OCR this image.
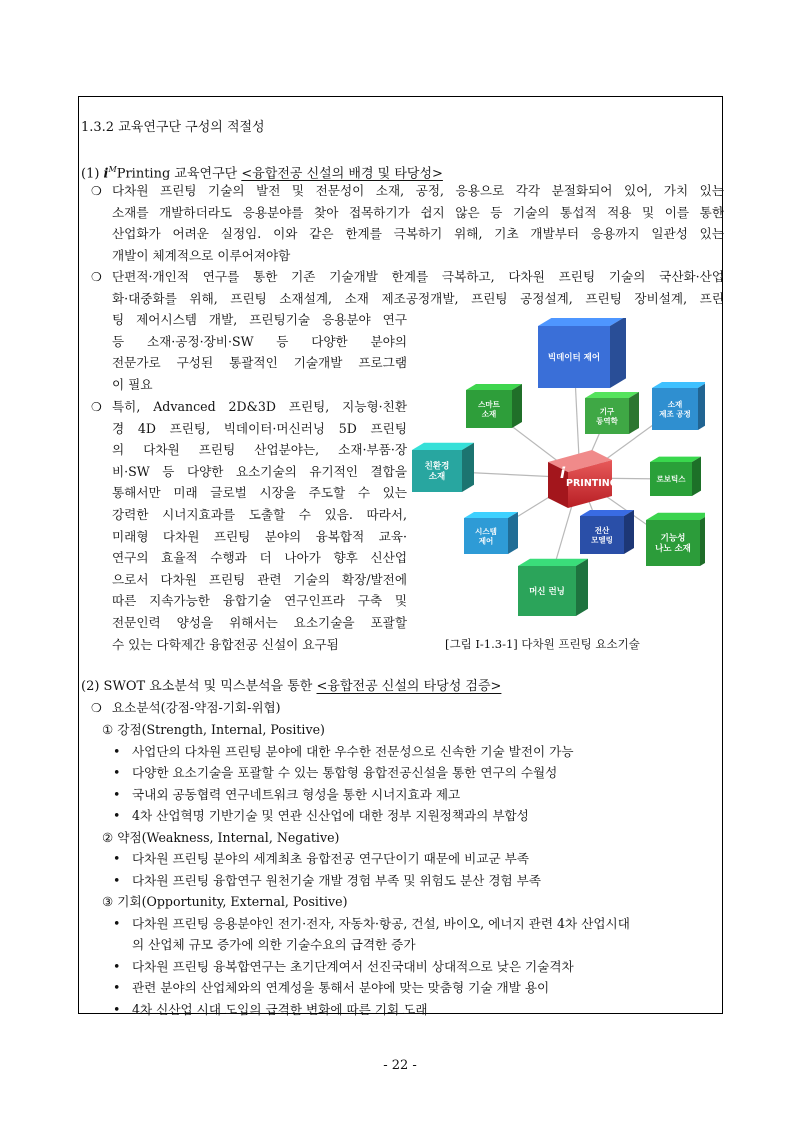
1.3.2 교육연구단 구성의 적절성
(1) $i^MPrinting$ 교육연구단 <융합전공 신설의 배경 및 타당성>
❍ 다차원 프린팅 기술의 발전 및 전문성이 소재, 공정, 응용으로 각각 분절화되어 있어, 가치 있는
소재를 개발하더라도 응용분야를 찾아 접목하기가 쉽지 않은 등 기술의 통섭적 적용 및 이를 통한
산업화가 어려운 실정임. 이와 같은 한계를 극복하기 위해, 기초 개발부터 응용까지 일관성 있는
개발이 체계적으로 이루어져야함
❍ 단편적·개인적 연구를 통한 기존 기술개발 한계를 극복하고, 다차원 프린팅 기술의 국산화·산업
화·대중화를 위해, 프린팅 소재설계, 소재 제조공정개발, 프린팅 공정설계, 프린팅 장비설계, 프린
팅 제어시스템 개발, 프린팅기술 응용분야 연구
등 소재·공정·장비·SW 등 다양한 분야의
전문가로 구성된 통괄적인 기술개발 프로그램
이 필요
❍ 특히, Advanced 2D&3D 프린팅, 지능형·친환
경 4D 프린팅, 빅데이터·머신러닝 5D 프린팅
의 다차원 프린팅 산업분야는, 소재·부품·장
비·SW 등 다양한 요소기술의 유기적인 결합을
통해서만 미래 글로벌 시장을 주도할 수 있는
강력한 시너지효과를 도출할 수 있음. 따라서,
미래형 다차원 프린팅 분야의 융복합적 교육·
연구의 효율적 수행과 더 나아가 향후 신산업
으로서 다차원 프린팅 관련 기술의 확장/발전에
따른 지속가능한 융합기술 연구인프라 구축 및
전문인력 양성을 위해서는 요소기술을 포괄할
수 있는 다학제간 융합전공 신설이 요구됨
빅데이터 제어
스마트
소재	기구
동역학
소재
제조 공정
친환경
소재	로보틱스
시스템
제어
전산
모델링	기능성
나노 소재
머신 런닝
i
PRINTING
[그림 Ⅰ-1.3-1] 다차원 프린팅 요소기술
(2) SWOT 요소분석 및 믹스분석을 통한 <융합전공 신설의 타당성 검증>
❍ 요소분석(강점-약점-기회-위협)
① 강점(Strength, Internal, Positive)
• 사업단의 다차원 프린팅 분야에 대한 우수한 전문성으로 신속한 기술 발전이 가능
• 다양한 요소기술을 포괄할 수 있는 통합형 융합전공신설을 통한 연구의 수월성
• 국내외 공동협력 연구네트워크 형성을 통한 시너지효과 제고
• 4차 산업혁명 기반기술 및 연관 신산업에 대한 정부 지원정책과의 부합성
② 약점(Weakness, Internal, Negative)
• 다차원 프린팅 분야의 세계최초 융합전공 연구단이기 때문에 비교군 부족
• 다차원 프린팅 융합연구 원천기술 개발 경험 부족 및 위험도 분산 경험 부족
③ 기회(Opportunity, External, Positive)
• 다차원 프린팅 응용분야인 전기·전자, 자동차·항공, 건설, 바이오, 에너지 관련 4차 산업시대
의 산업체 규모 증가에 의한 기술수요의 급격한 증가
• 다차원 프린팅 융복합연구는 초기단계여서 선진국대비 상대적으로 낮은 기술격차
• 관련 분야의 산업체와의 연계성을 통해서 분야에 맞는 맞춤형 기술 개발 용이
• 4차 신산업 시대 도입의 급격한 변화에 따른 기회 도래
- 22 -
